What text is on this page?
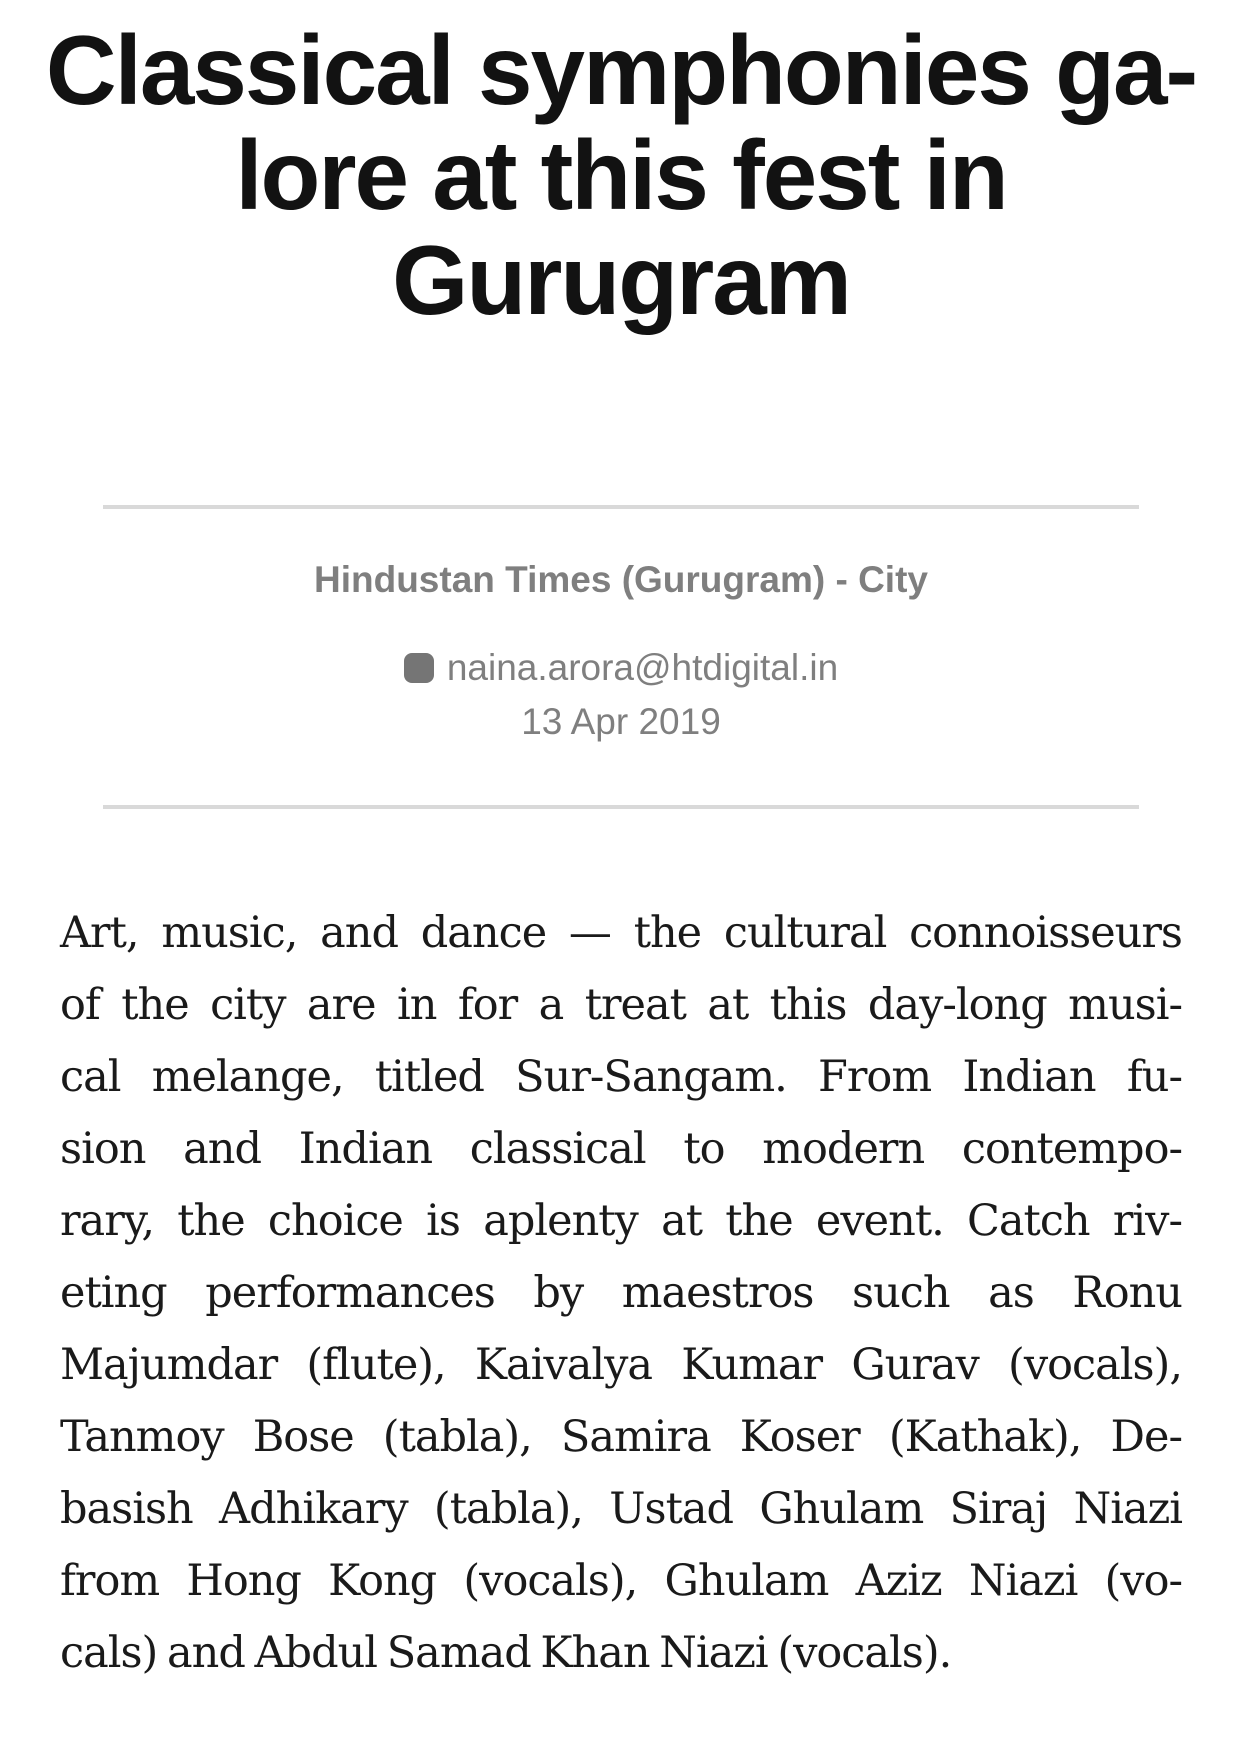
Classical symphonies ga-
lore at this fest in
Gurugram
Hindustan Times (Gurugram) - City
naina.arora@htdigital.in
13 Apr 2019
Art, music, and dance — the cultural connoisseurs
of the city are in for a treat at this day-long musi-
cal melange, titled Sur-Sangam. From Indian fu-
sion and Indian classical to modern contempo-
rary, the choice is aplenty at the event. Catch riv-
eting performances by maestros such as Ronu
Majumdar (flute), Kaivalya Kumar Gurav (vocals),
Tanmoy Bose (tabla), Samira Koser (Kathak), De-
basish Adhikary (tabla), Ustad Ghulam Siraj Niazi
from Hong Kong (vocals), Ghulam Aziz Niazi (vo-
cals) and Abdul Samad Khan Niazi (vocals).
